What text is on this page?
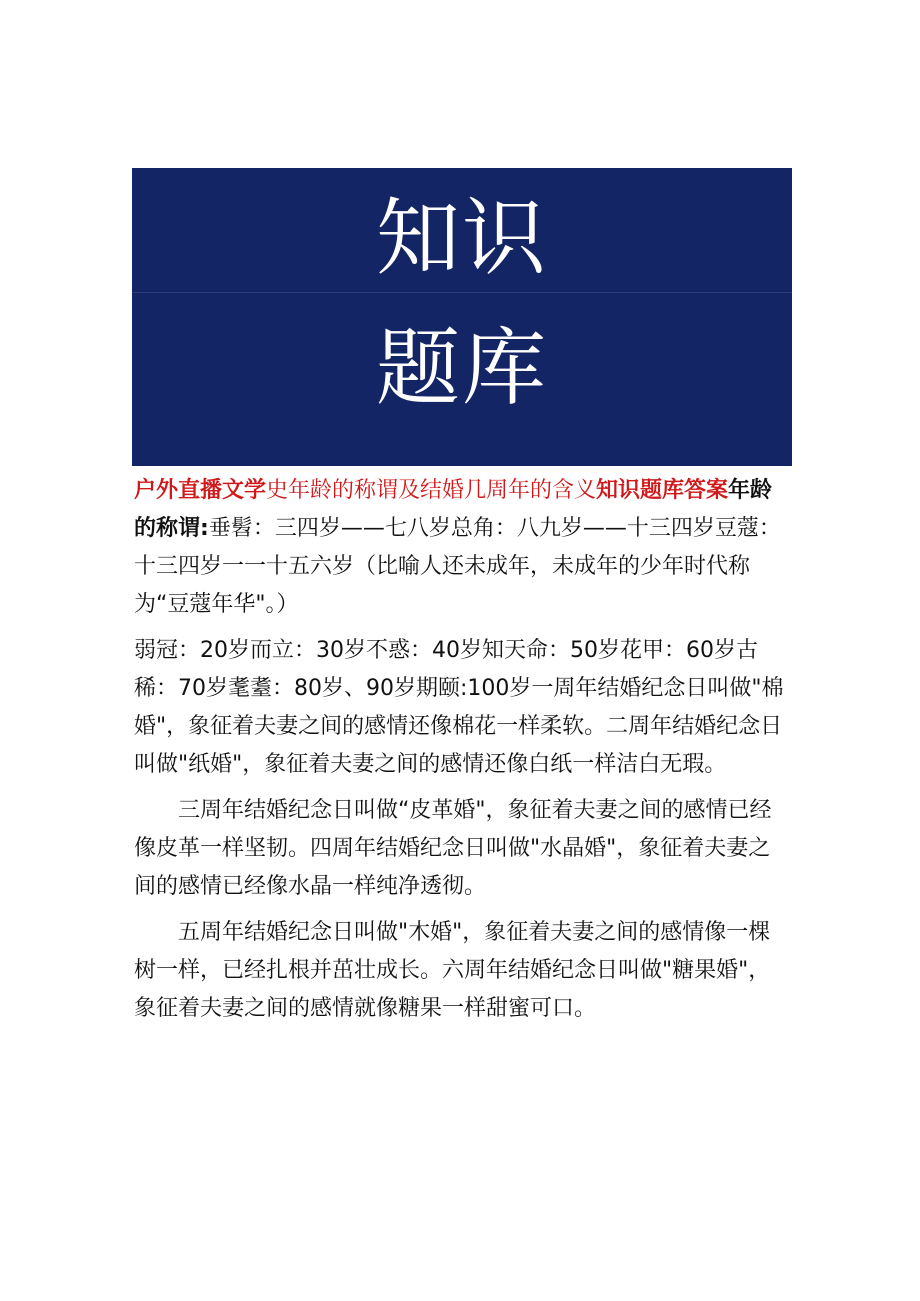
知识
题库

户外直播文学史年龄的称谓及结婚几周年的含义知识题库答案年龄的称谓:垂髫：三四岁——七八岁总角：八九岁——十三四岁豆蔻：十三四岁一一十五六岁（比喻人还未成年，未成年的少年时代称为“豆蔻年华"。）

弱冠：20岁而立：30岁不惑：40岁知天命：50岁花甲：60岁古稀：70岁耄耋：80岁、90岁期颐:100岁一周年结婚纪念日叫做"棉婚"，象征着夫妻之间的感情还像棉花一样柔软。二周年结婚纪念日叫做"纸婚"，象征着夫妻之间的感情还像白纸一样洁白无瑕。

三周年结婚纪念日叫做“皮革婚"，象征着夫妻之间的感情已经像皮革一样坚韧。四周年结婚纪念日叫做"水晶婚"，象征着夫妻之间的感情已经像水晶一样纯净透彻。

五周年结婚纪念日叫做"木婚"，象征着夫妻之间的感情像一棵树一样，已经扎根并茁壮成长。六周年结婚纪念日叫做"糖果婚"，象征着夫妻之间的感情就像糖果一样甜蜜可口。
